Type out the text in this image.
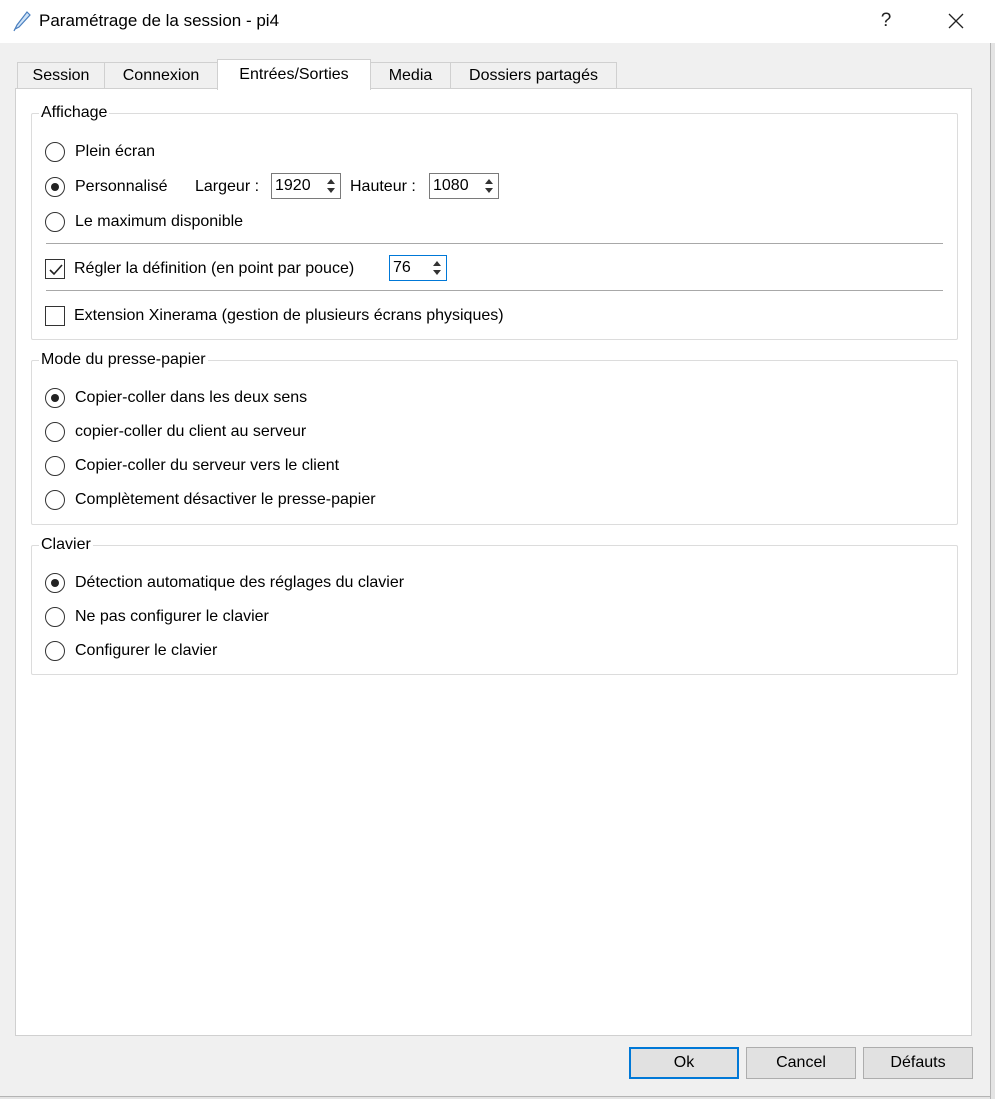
Paramétrage de la session - pi4	?
Session	Connexion	Entrées/Sorties	Media	Dossiers partagés
Affichage
Plein écran
Personnalisé Largeur : 1920 Hauteur : 1080
Le maximum disponible
Régler la définition (en point par pouce) 76
Extension Xinerama (gestion de plusieurs écrans physiques)
Mode du presse-papier
Copier-coller dans les deux sens
copier-coller du client au serveur
Copier-coller du serveur vers le client
Complètement désactiver le presse-papier
Clavier
Détection automatique des réglages du clavier
Ne pas configurer le clavier
Configurer le clavier
Ok	Cancel	Défauts
